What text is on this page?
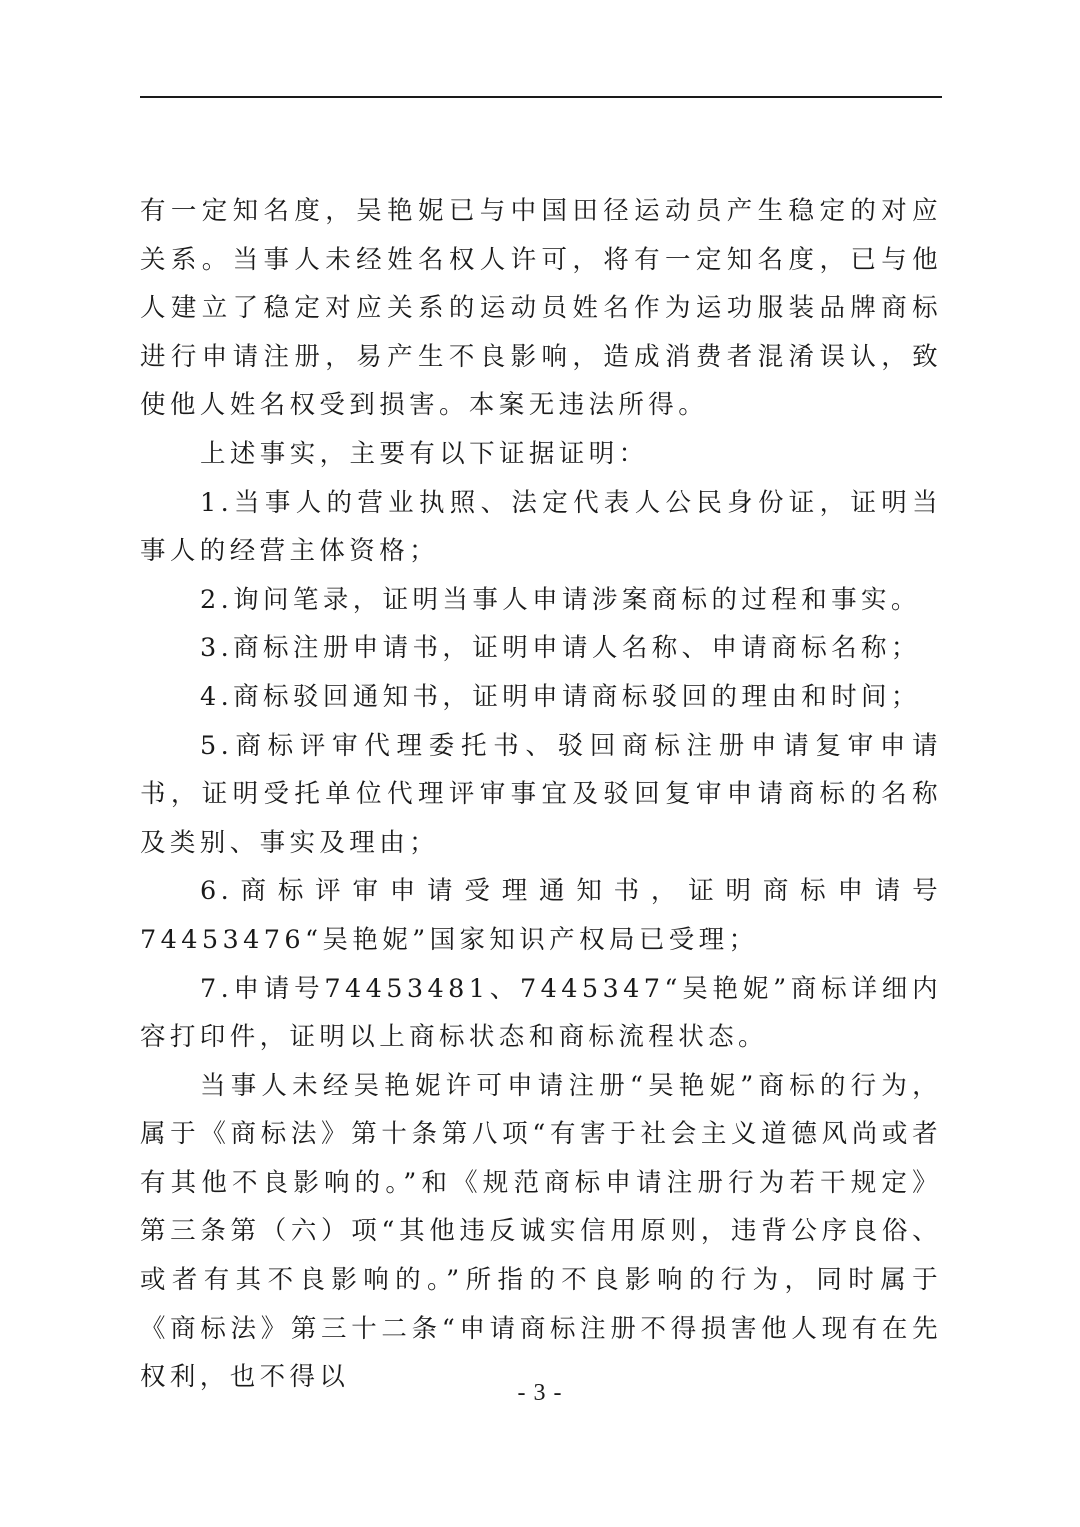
有一定知名度，吴艳妮已与中国田径运动员产生稳定的对应关系。当事人未经姓名权人许可，将有一定知名度，已与他人建立了稳定对应关系的运动员姓名作为运功服装品牌商标进行申请注册，易产生不良影响，造成消费者混淆误认，致使他人姓名权受到损害。本案无违法所得。

上述事实，主要有以下证据证明：

1.当事人的营业执照、法定代表人公民身份证，证明当事人的经营主体资格；

2.询问笔录，证明当事人申请涉案商标的过程和事实。

3.商标注册申请书，证明申请人名称、申请商标名称；

4.商标驳回通知书，证明申请商标驳回的理由和时间；

5.商标评审代理委托书、驳回商标注册申请复审申请书，证明受托单位代理评审事宜及驳回复审申请商标的名称及类别、事实及理由；

6.商标评审申请受理通知书，证明商标申请号74453476“吴艳妮”国家知识产权局已受理；

7.申请号74453481、7445347“吴艳妮”商标详细内容打印件，证明以上商标状态和商标流程状态。

当事人未经吴艳妮许可申请注册“吴艳妮”商标的行为，属于《商标法》第十条第八项“有害于社会主义道德风尚或者有其他不良影响的。”和《规范商标申请注册行为若干规定》第三条第（六）项“其他违反诚实信用原则，违背公序良俗、或者有其不良影响的。”所指的不良影响的行为，同时属于《商标法》第三十二条“申请商标注册不得损害他人现有在先权利，也不得以

- 3 -
